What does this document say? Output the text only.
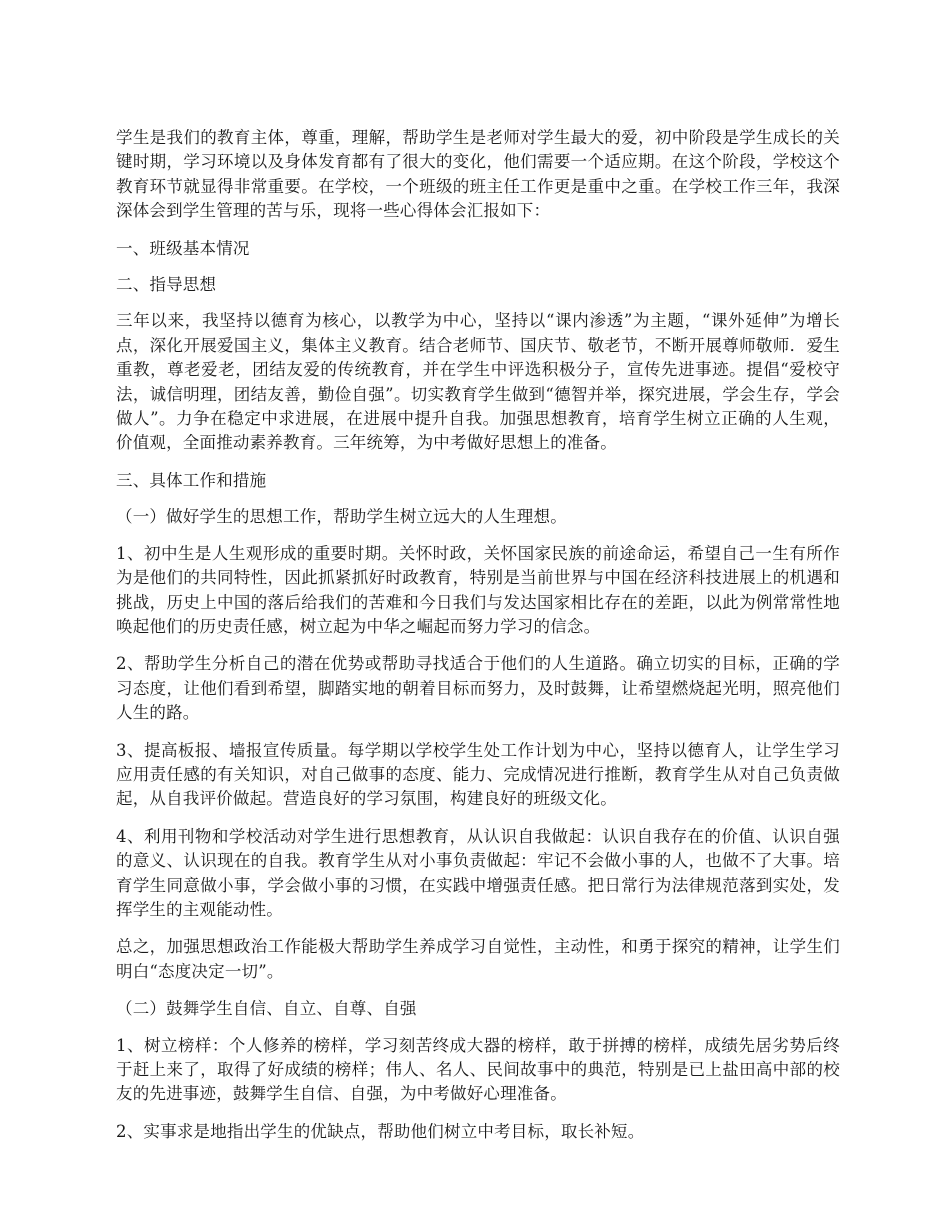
学生是我们的教育主体，尊重，理解，帮助学生是老师对学生最大的爱，初中阶段是学生成长的关键时期，学习环境以及身体发育都有了很大的变化，他们需要一个适应期。在这个阶段，学校这个教育环节就显得非常重要。在学校，一个班级的班主任工作更是重中之重。在学校工作三年，我深深体会到学生管理的苦与乐，现将一些心得体会汇报如下：

一、班级基本情况

二、指导思想

三年以来，我坚持以德育为核心，以教学为中心，坚持以“课内渗透”为主题，“课外延伸”为增长点，深化开展爱国主义，集体主义教育。结合老师节、国庆节、敬老节，不断开展尊师敬师．爱生重教，尊老爱老，团结友爱的传统教育，并在学生中评选积极分子，宣传先进事迹。提倡“爱校守法，诚信明理，团结友善，勤俭自强”。切实教育学生做到“德智并举，探究进展，学会生存，学会做人”。力争在稳定中求进展，在进展中提升自我。加强思想教育，培育学生树立正确的人生观，价值观，全面推动素养教育。三年统筹，为中考做好思想上的准备。

三、具体工作和措施

（一）做好学生的思想工作，帮助学生树立远大的人生理想。

1、初中生是人生观形成的重要时期。关怀时政，关怀国家民族的前途命运，希望自己一生有所作为是他们的共同特性，因此抓紧抓好时政教育，特别是当前世界与中国在经济科技进展上的机遇和挑战，历史上中国的落后给我们的苦难和今日我们与发达国家相比存在的差距，以此为例常常性地唤起他们的历史责任感，树立起为中华之崛起而努力学习的信念。

2、帮助学生分析自己的潜在优势或帮助寻找适合于他们的人生道路。确立切实的目标，正确的学习态度，让他们看到希望，脚踏实地的朝着目标而努力，及时鼓舞，让希望燃烧起光明，照亮他们人生的路。

3、提高板报、墙报宣传质量。每学期以学校学生处工作计划为中心，坚持以德育人，让学生学习应用责任感的有关知识，对自己做事的态度、能力、完成情况进行推断，教育学生从对自己负责做起，从自我评价做起。营造良好的学习氛围，构建良好的班级文化。

4、利用刊物和学校活动对学生进行思想教育，从认识自我做起：认识自我存在的价值、认识自强的意义、认识现在的自我。教育学生从对小事负责做起：牢记不会做小事的人，也做不了大事。培育学生同意做小事，学会做小事的习惯，在实践中增强责任感。把日常行为法律规范落到实处，发挥学生的主观能动性。

总之，加强思想政治工作能极大帮助学生养成学习自觉性，主动性，和勇于探究的精神，让学生们明白“态度决定一切”。

（二）鼓舞学生自信、自立、自尊、自强

1、树立榜样：个人修养的榜样，学习刻苦终成大器的榜样，敢于拼搏的榜样，成绩先居劣势后终于赶上来了，取得了好成绩的榜样；伟人、名人、民间故事中的典范，特别是已上盐田高中部的校友的先进事迹，鼓舞学生自信、自强，为中考做好心理准备。

2、实事求是地指出学生的优缺点，帮助他们树立中考目标，取长补短。
